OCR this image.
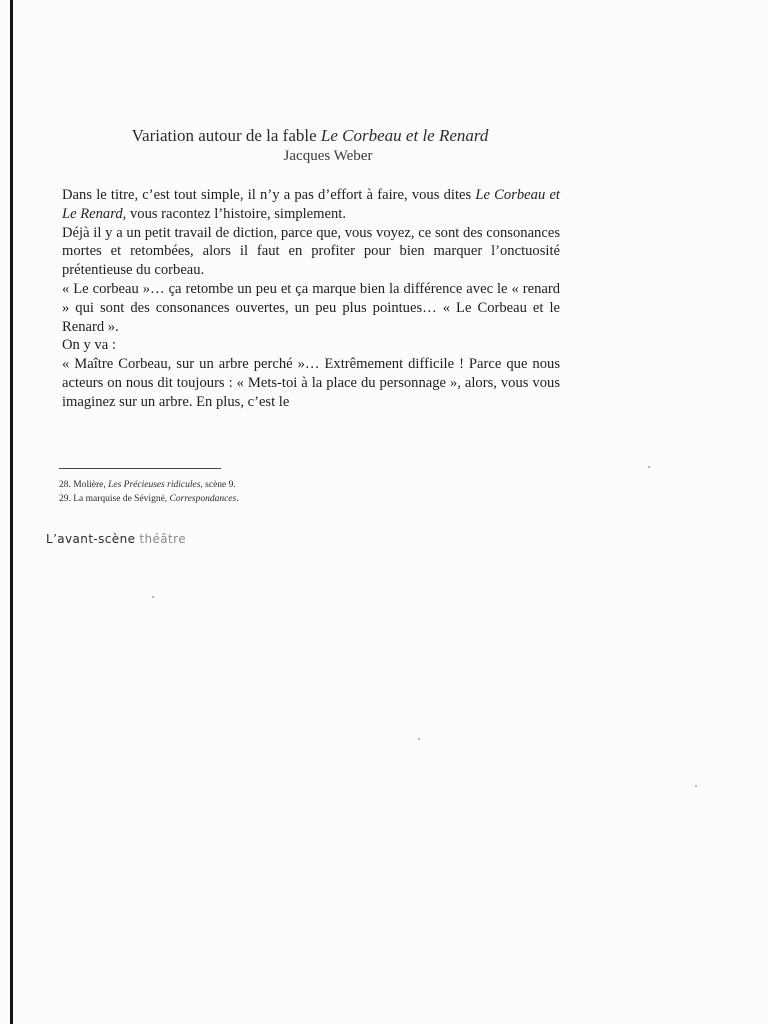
Variation autour de la fable Le Corbeau et le Renard

Jacques Weber

Dans le titre, c’est tout simple, il n’y a pas d’effort à faire, vous dites Le Corbeau et Le Renard, vous racontez l’histoire, simplement.

Déjà il y a un petit travail de diction, parce que, vous voyez, ce sont des consonances mortes et retombées, alors il faut en profiter pour bien marquer l’onctuosité prétentieuse du corbeau.

« Le corbeau »… ça retombe un peu et ça marque bien la différence avec le « renard » qui sont des consonances ouvertes, un peu plus pointues… « Le Corbeau et le Renard ».

On y va :

« Maître Corbeau, sur un arbre perché »… Extrêmement difficile ! Parce que nous acteurs on nous dit toujours : « Mets-toi à la place du personnage », alors, vous vous imaginez sur un arbre. En plus, c’est le

28. Molière, Les Précieuses ridicules, scène 9.

29. La marquise de Sévigné, Correspondances.

L’avant-scène théâtre
